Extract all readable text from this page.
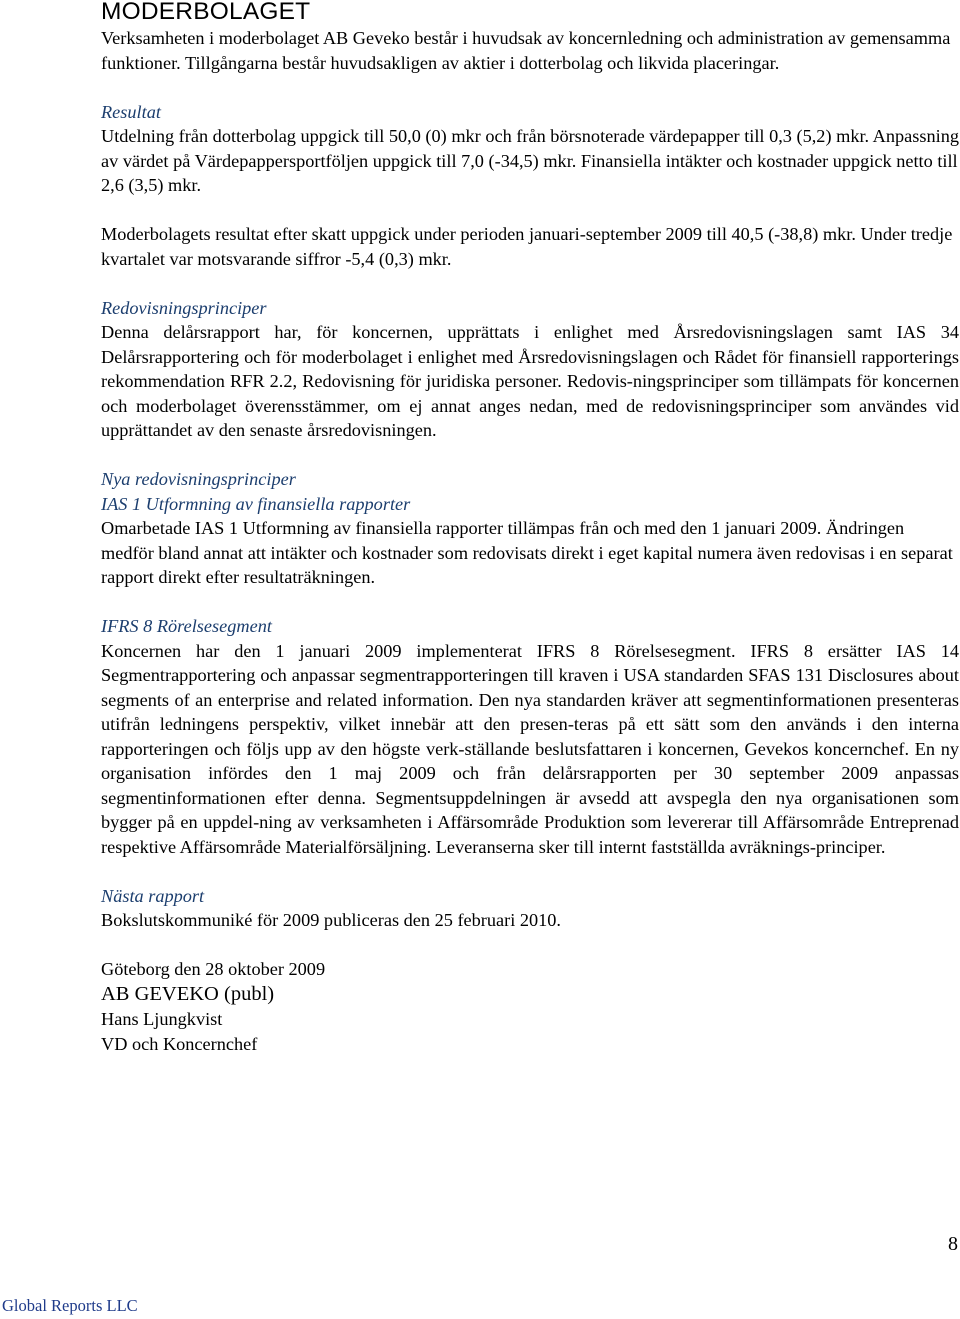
MODERBOLAGET

Verksamheten i moderbolaget AB Geveko består i huvudsak av koncernledning och administration av gemensamma funktioner. Tillgångarna består huvudsakligen av aktier i dotterbolag och likvida placeringar.

Resultat

Utdelning från dotterbolag uppgick till 50,0 (0) mkr och från börsnoterade värdepapper till 0,3 (5,2) mkr. Anpassning av värdet på Värdepappersportföljen uppgick till 7,0 (-34,5) mkr. Finansiella intäkter och kostnader uppgick netto till 2,6 (3,5) mkr.

Moderbolagets resultat efter skatt uppgick under perioden januari-september 2009 till 40,5 (-38,8) mkr. Under tredje kvartalet var motsvarande siffror -5,4 (0,3) mkr.

Redovisningsprinciper

Denna delårsrapport har, för koncernen, upprättats i enlighet med Årsredovisningslagen samt IAS 34 Delårsrapportering och för moderbolaget i enlighet med Årsredovisningslagen och Rådet för finansiell rapporterings rekommendation RFR 2.2, Redovisning för juridiska personer. Redovis-ningsprinciper som tillämpats för koncernen och moderbolaget överensstämmer, om ej annat anges nedan, med de redovisningsprinciper som användes vid upprättandet av den senaste årsredovisningen.

Nya redovisningsprinciper

IAS 1 Utformning av finansiella rapporter

Omarbetade IAS 1 Utformning av finansiella rapporter tillämpas från och med den 1 januari 2009. Ändringen medför bland annat att intäkter och kostnader som redovisats direkt i eget kapital numera även redovisas i en separat rapport direkt efter resultaträkningen.

IFRS 8 Rörelsesegment

Koncernen har den 1 januari 2009 implementerat IFRS 8 Rörelsesegment. IFRS 8 ersätter IAS 14 Segmentrapportering och anpassar segmentrapporteringen till kraven i USA standarden SFAS 131 Disclosures about segments of an enterprise and related information. Den nya standarden kräver att segmentinformationen presenteras utifrån ledningens perspektiv, vilket innebär att den presen-teras på ett sätt som den används i den interna rapporteringen och följs upp av den högste verk-ställande beslutsfattaren i koncernen, Gevekos koncernchef. En ny organisation infördes den 1 maj 2009 och från delårsrapporten per 30 september 2009 anpassas segmentinformationen efter denna. Segmentsuppdelningen är avsedd att avspegla den nya organisationen som bygger på en uppdel-ning av verksamheten i Affärsområde Produktion som levererar till Affärsområde Entreprenad respektive Affärsområde Materialförsäljning. Leveranserna sker till internt fastställda avräknings-principer.

Nästa rapport

Bokslutskommuniké för 2009 publiceras den 25 februari 2010.

Göteborg den 28 oktober 2009

AB GEVEKO (publ)

Hans Ljungkvist

VD och Koncernchef

8
Global Reports LLC
